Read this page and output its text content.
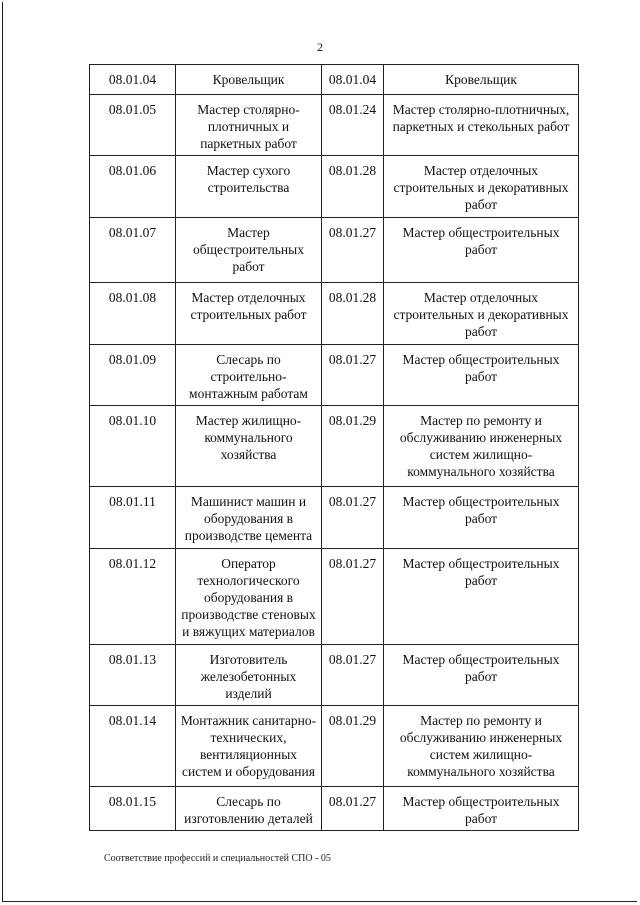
2
08.01.04	Кровельщик	08.01.04	Кровельщик
08.01.05	Мастер столярно-плотничных и паркетных работ	08.01.24	Мастер столярно-плотничных, паркетных и стекольных работ
08.01.06	Мастер сухого строительства	08.01.28	Мастер отделочных строительных и декоративных работ
08.01.07	Мастер общестроительных работ	08.01.27	Мастер общестроительных работ
08.01.08	Мастер отделочных строительных работ	08.01.28	Мастер отделочных строительных и декоративных работ
08.01.09	Слесарь по строительно-монтажным работам	08.01.27	Мастер общестроительных работ
08.01.10	Мастер жилищно-коммунального хозяйства	08.01.29	Мастер по ремонту и обслуживанию инженерных систем жилищно-коммунального хозяйства
08.01.11	Машинист машин и оборудования в производстве цемента	08.01.27	Мастер общестроительных работ
08.01.12	Оператор технологического оборудования в производстве стеновых и вяжущих материалов	08.01.27	Мастер общестроительных работ
08.01.13	Изготовитель железобетонных изделий	08.01.27	Мастер общестроительных работ
08.01.14	Монтажник санитарно-технических, вентиляционных систем и оборудования	08.01.29	Мастер по ремонту и обслуживанию инженерных систем жилищно-коммунального хозяйства
08.01.15	Слесарь по изготовлению деталей	08.01.27	Мастер общестроительных работ
Соответствие профессий и специальностей СПО - 05
